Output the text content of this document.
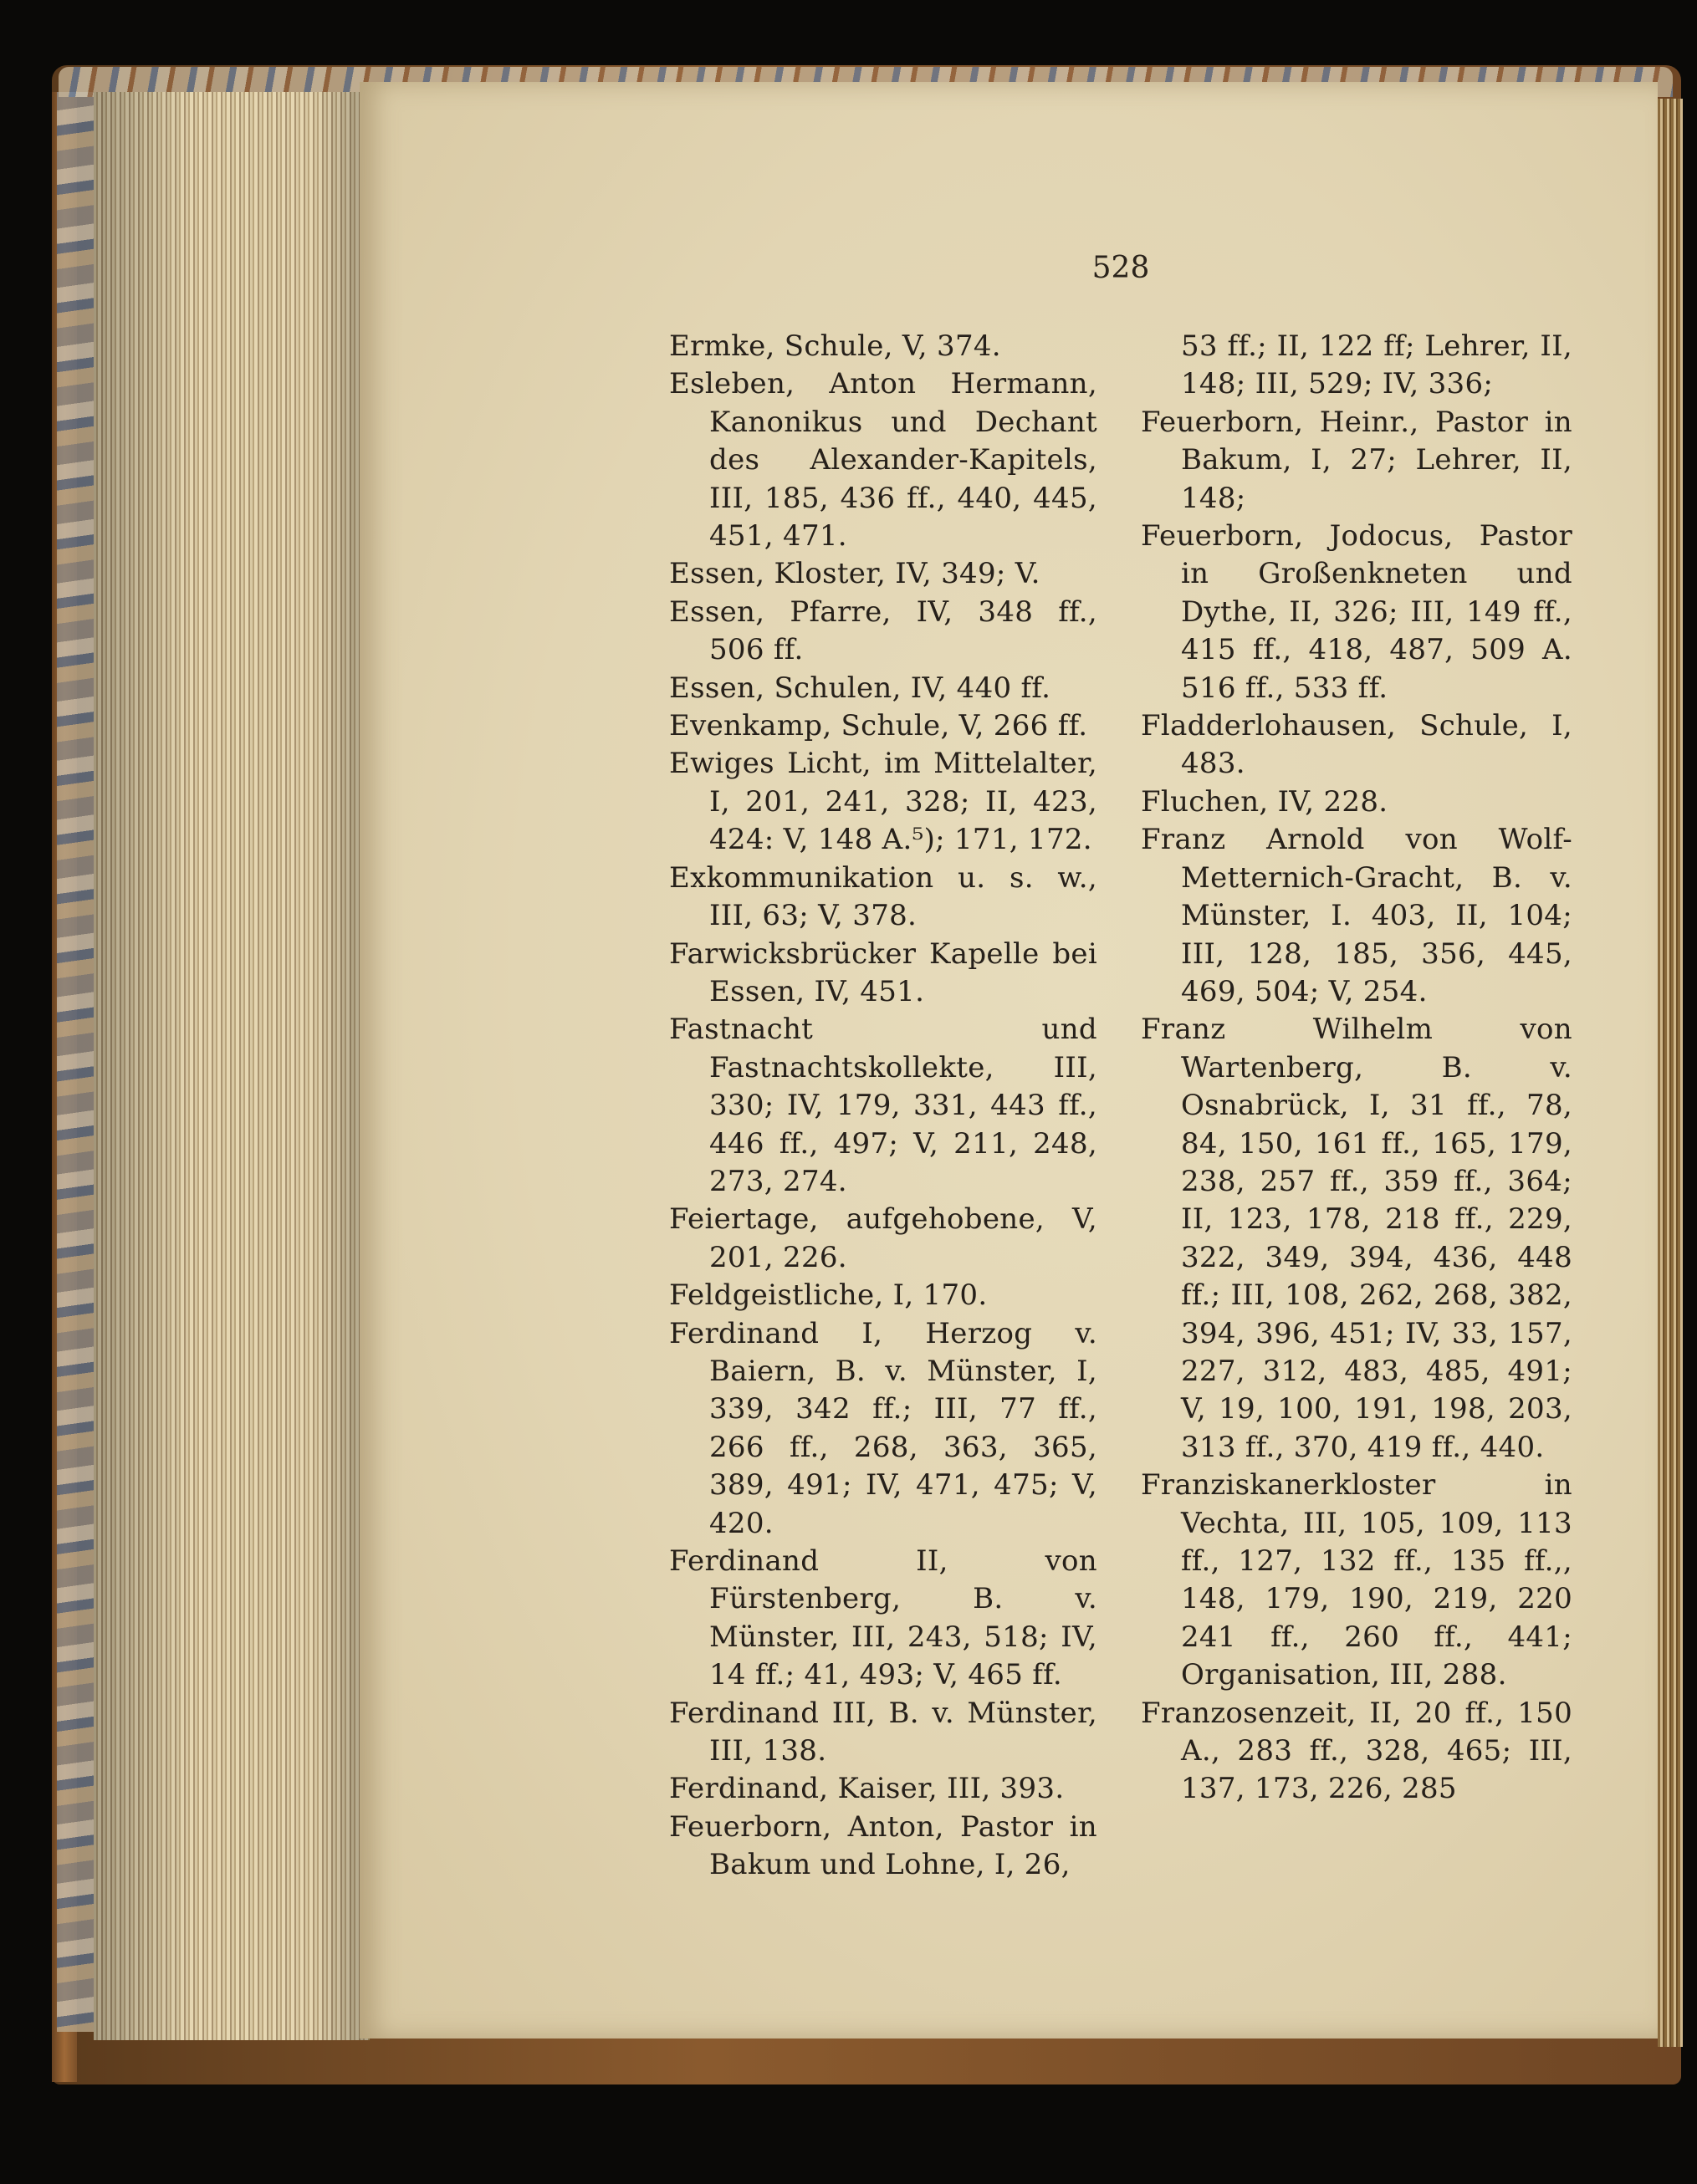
528

Ermke, Schule, V, 374.
Esleben, Anton Hermann, Kanonikus und Dechant des Alexander-Kapitels, III, 185, 436 ff., 440, 445, 451, 471.
Essen, Kloster, IV, 349; V.
Essen, Pfarre, IV, 348 ff., 506 ff.
Essen, Schulen, IV, 440 ff.
Evenkamp, Schule, V, 266 ff.
Ewiges Licht, im Mittelalter, I, 201, 241, 328; II, 423, 424: V, 148 A.⁵); 171, 172.
Exkommunikation u. s. w., III, 63; V, 378.
Farwicksbrücker Kapelle bei Essen, IV, 451.
Fastnacht und Fastnachtskollekte, III, 330; IV, 179, 331, 443 ff., 446 ff., 497; V, 211, 248, 273, 274.
Feiertage, aufgehobene, V, 201, 226.
Feldgeistliche, I, 170.
Ferdinand I, Herzog v. Baiern, B. v. Münster, I, 339, 342 ff.; III, 77 ff., 266 ff., 268, 363, 365, 389, 491; IV, 471, 475; V, 420.
Ferdinand II, von Fürstenberg, B. v. Münster, III, 243, 518; IV, 14 ff.; 41, 493; V, 465 ff.
Ferdinand III, B. v. Münster, III, 138.
Ferdinand, Kaiser, III, 393.
Feuerborn, Anton, Pastor in Bakum und Lohne, I, 26,
53 ff.; II, 122 ff; Lehrer, II, 148; III, 529; IV, 336;
Feuerborn, Heinr., Pastor in Bakum, I, 27; Lehrer, II, 148;
Feuerborn, Jodocus, Pastor in Großenkneten und Dythe, II, 326; III, 149 ff., 415 ff., 418, 487, 509 A. 516 ff., 533 ff.
Fladderlohausen, Schule, I, 483.
Fluchen, IV, 228.
Franz Arnold von Wolf-Metternich-Gracht, B. v. Münster, I. 403, II, 104; III, 128, 185, 356, 445, 469, 504; V, 254.
Franz Wilhelm von Wartenberg, B. v. Osnabrück, I, 31 ff., 78, 84, 150, 161 ff., 165, 179, 238, 257 ff., 359 ff., 364; II, 123, 178, 218 ff., 229, 322, 349, 394, 436, 448 ff.; III, 108, 262, 268, 382, 394, 396, 451; IV, 33, 157, 227, 312, 483, 485, 491; V, 19, 100, 191, 198, 203, 313 ff., 370, 419 ff., 440.
Franziskanerkloster in Vechta, III, 105, 109, 113 ff., 127, 132 ff., 135 ff.,, 148, 179, 190, 219, 220 241 ff., 260 ff., 441; Organisation, III, 288.
Franzosenzeit, II, 20 ff., 150 A., 283 ff., 328, 465; III, 137, 173, 226, 285
